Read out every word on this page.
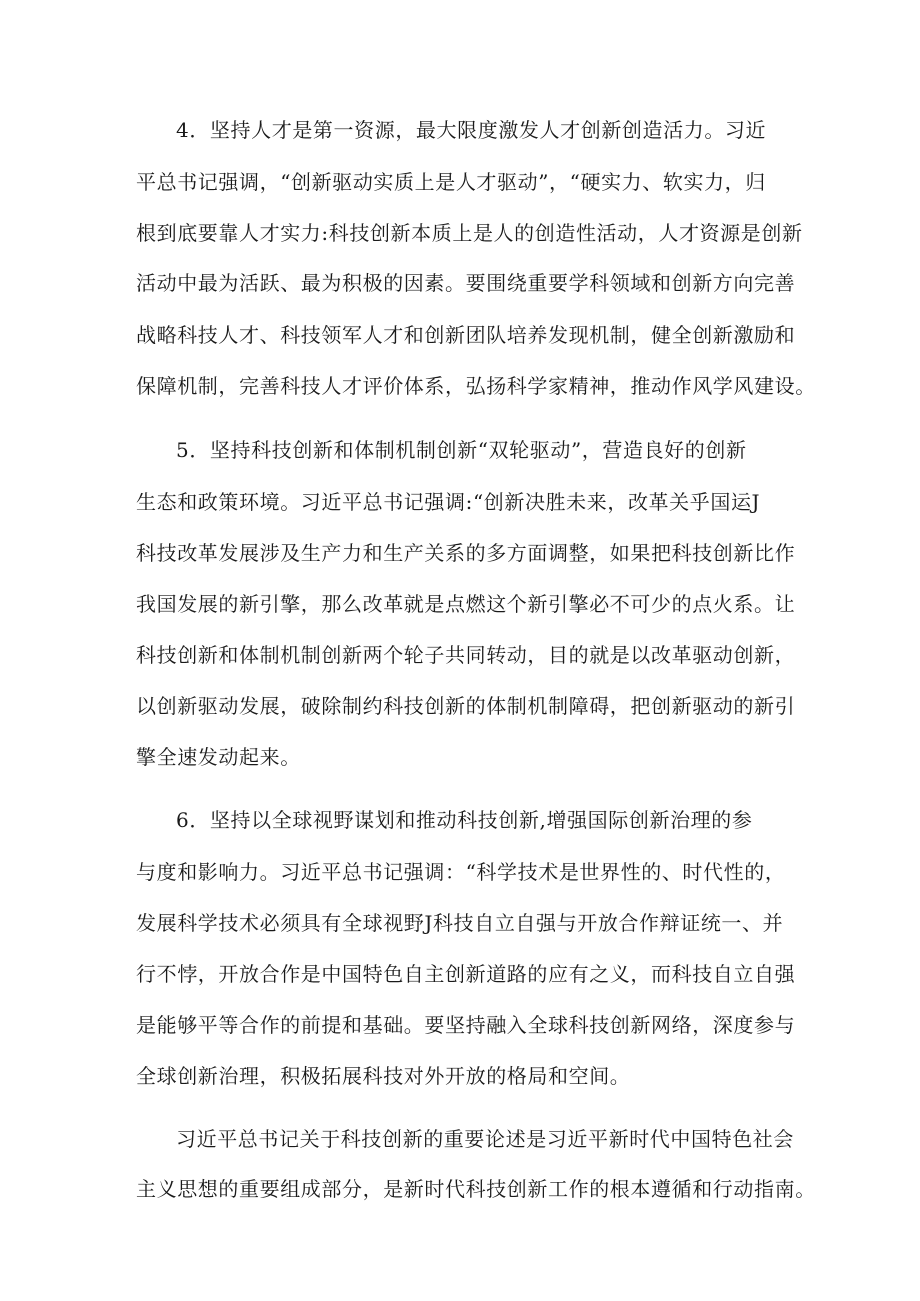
4．坚持人才是第一资源，最大限度激发人才创新创造活力。习近
平总书记强调，“创新驱动实质上是人才驱动”，“硬实力、软实力，归
根到底要靠人才实力:科技创新本质上是人的创造性活动，人才资源是创新
活动中最为活跃、最为积极的因素。要围绕重要学科领域和创新方向完善
战略科技人才、科技领军人才和创新团队培养发现机制，健全创新激励和
保障机制，完善科技人才评价体系，弘扬科学家精神，推动作风学风建设。
5．坚持科技创新和体制机制创新“双轮驱动”，营造良好的创新
生态和政策环境。习近平总书记强调:“创新决胜未来，改革关乎国运J
科技改革发展涉及生产力和生产关系的多方面调整，如果把科技创新比作
我国发展的新引擎，那么改革就是点燃这个新引擎必不可少的点火系。让
科技创新和体制机制创新两个轮子共同转动，目的就是以改革驱动创新，
以创新驱动发展，破除制约科技创新的体制机制障碍，把创新驱动的新引
擎全速发动起来。
6．坚持以全球视野谋划和推动科技创新,增强国际创新治理的参
与度和影响力。习近平总书记强调：“科学技术是世界性的、时代性的，
发展科学技术必须具有全球视野J科技自立自强与开放合作辩证统一、并
行不悖，开放合作是中国特色自主创新道路的应有之义，而科技自立自强
是能够平等合作的前提和基础。要坚持融入全球科技创新网络，深度参与
全球创新治理，积极拓展科技对外开放的格局和空间。
习近平总书记关于科技创新的重要论述是习近平新时代中国特色社会
主义思想的重要组成部分，是新时代科技创新工作的根本遵循和行动指南。
